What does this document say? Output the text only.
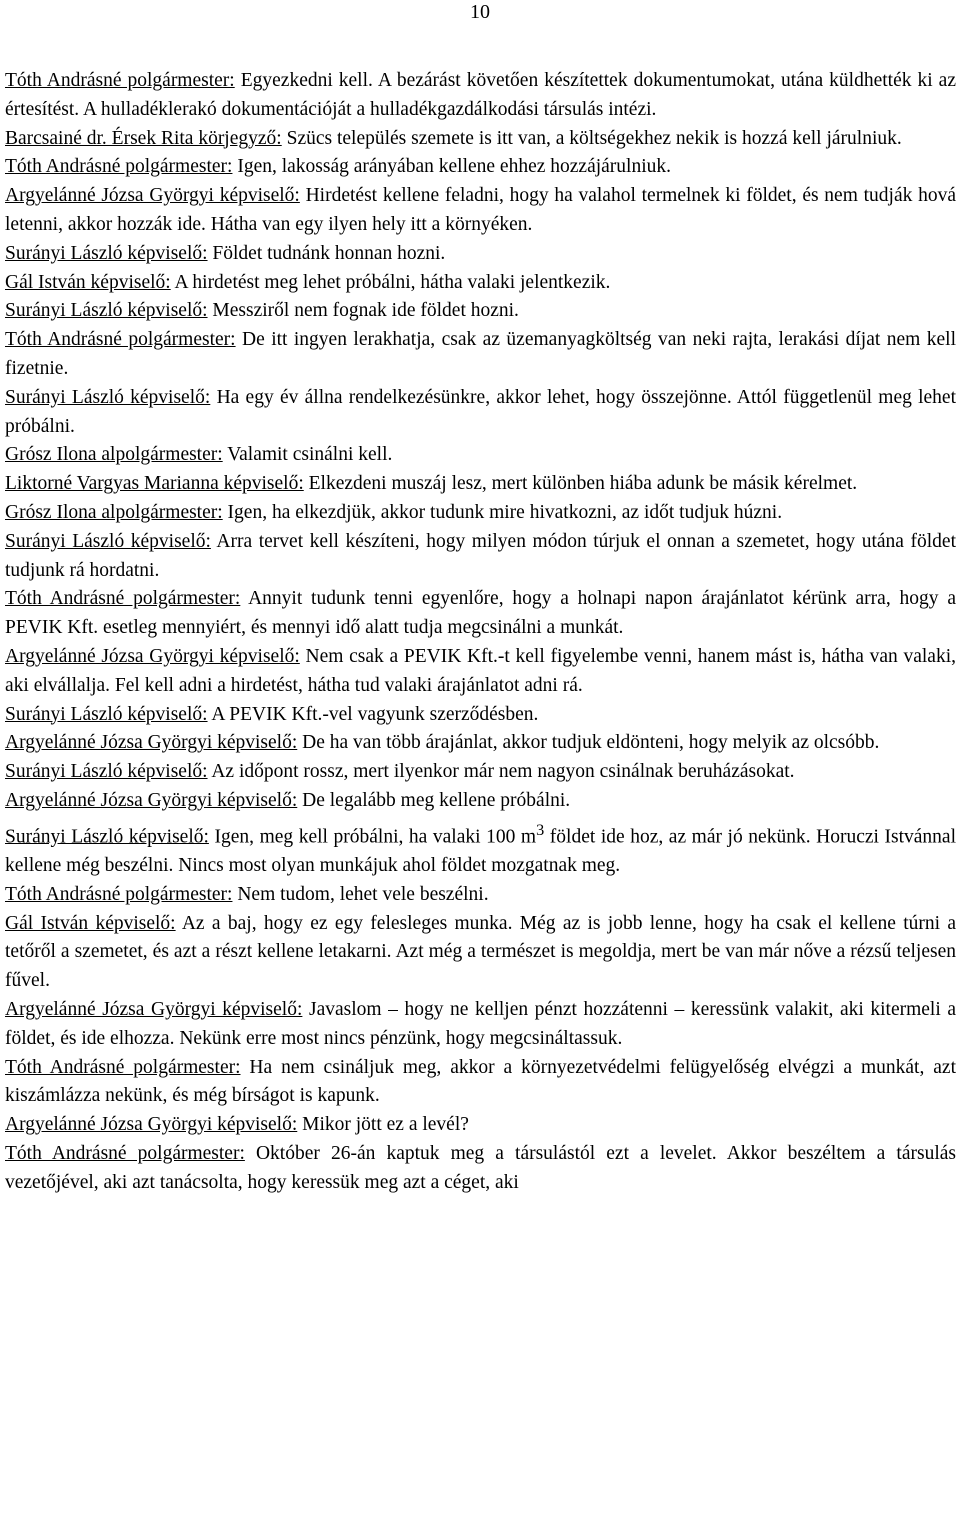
10

Tóth Andrásné polgármester: Egyezkedni kell. A bezárást követően készítettek dokumentumokat, utána küldhették ki az értesítést. A hulladéklerakó dokumentációját a hulladékgazdálkodási társulás intézi.

Barcsainé dr. Érsek Rita körjegyző: Szücs település szemete is itt van, a költségekhez nekik is hozzá kell járulniuk.

Tóth Andrásné polgármester: Igen, lakosság arányában kellene ehhez hozzájárulniuk.

Argyelánné Józsa Györgyi képviselő: Hirdetést kellene feladni, hogy ha valahol termelnek ki földet, és nem tudják hová letenni, akkor hozzák ide. Hátha van egy ilyen hely itt a környéken.

Surányi László képviselő: Földet tudnánk honnan hozni.

Gál István képviselő: A hirdetést meg lehet próbálni, hátha valaki jelentkezik.

Surányi László képviselő: Messziről nem fognak ide földet hozni.

Tóth Andrásné polgármester: De itt ingyen lerakhatja, csak az üzemanyagköltség van neki rajta, lerakási díjat nem kell fizetnie.

Surányi László képviselő: Ha egy év állna rendelkezésünkre, akkor lehet, hogy összejönne. Attól függetlenül meg lehet próbálni.

Grósz Ilona alpolgármester: Valamit csinálni kell.

Liktorné Vargyas Marianna képviselő: Elkezdeni muszáj lesz, mert különben hiába adunk be másik kérelmet.

Grósz Ilona alpolgármester: Igen, ha elkezdjük, akkor tudunk mire hivatkozni, az időt tudjuk húzni.

Surányi László képviselő: Arra tervet kell készíteni, hogy milyen módon túrjuk el onnan a szemetet, hogy utána földet tudjunk rá hordatni.

Tóth Andrásné polgármester: Annyit tudunk tenni egyenlőre, hogy a holnapi napon árajánlatot kérünk arra, hogy a PEVIK Kft. esetleg mennyiért, és mennyi idő alatt tudja megcsinálni a munkát.

Argyelánné Józsa Györgyi képviselő: Nem csak a PEVIK Kft.-t kell figyelembe venni, hanem mást is, hátha van valaki, aki elvállalja. Fel kell adni a hirdetést, hátha tud valaki árajánlatot adni rá.

Surányi László képviselő: A PEVIK Kft.-vel vagyunk szerződésben.

Argyelánné Józsa Györgyi képviselő: De ha van több árajánlat, akkor tudjuk eldönteni, hogy melyik az olcsóbb.

Surányi László képviselő: Az időpont rossz, mert ilyenkor már nem nagyon csinálnak beruházásokat.

Argyelánné Józsa Györgyi képviselő: De legalább meg kellene próbálni.

Surányi László képviselő: Igen, meg kell próbálni, ha valaki 100 $m^3$ földet ide hoz, az már jó nekünk. Horuczi Istvánnal kellene még beszélni. Nincs most olyan munkájuk ahol földet mozgatnak meg.

Tóth Andrásné polgármester: Nem tudom, lehet vele beszélni.

Gál István képviselő: Az a baj, hogy ez egy felesleges munka. Még az is jobb lenne, hogy ha csak el kellene túrni a tetőről a szemetet, és azt a részt kellene letakarni. Azt még a természet is megoldja, mert be van már nőve a rézsű teljesen fűvel.

Argyelánné Józsa Györgyi képviselő: Javaslom – hogy ne kelljen pénzt hozzátenni – keressünk valakit, aki kitermeli a földet, és ide elhozza. Nekünk erre most nincs pénzünk, hogy megcsináltassuk.

Tóth Andrásné polgármester: Ha nem csináljuk meg, akkor a környezetvédelmi felügyelőség elvégzi a munkát, azt kiszámlázza nekünk, és még bírságot is kapunk.

Argyelánné Józsa Györgyi képviselő: Mikor jött ez a levél?

Tóth Andrásné polgármester: Október 26-án kaptuk meg a társulástól ezt a levelet. Akkor beszéltem a társulás vezetőjével, aki azt tanácsolta, hogy keressük meg azt a céget, aki
